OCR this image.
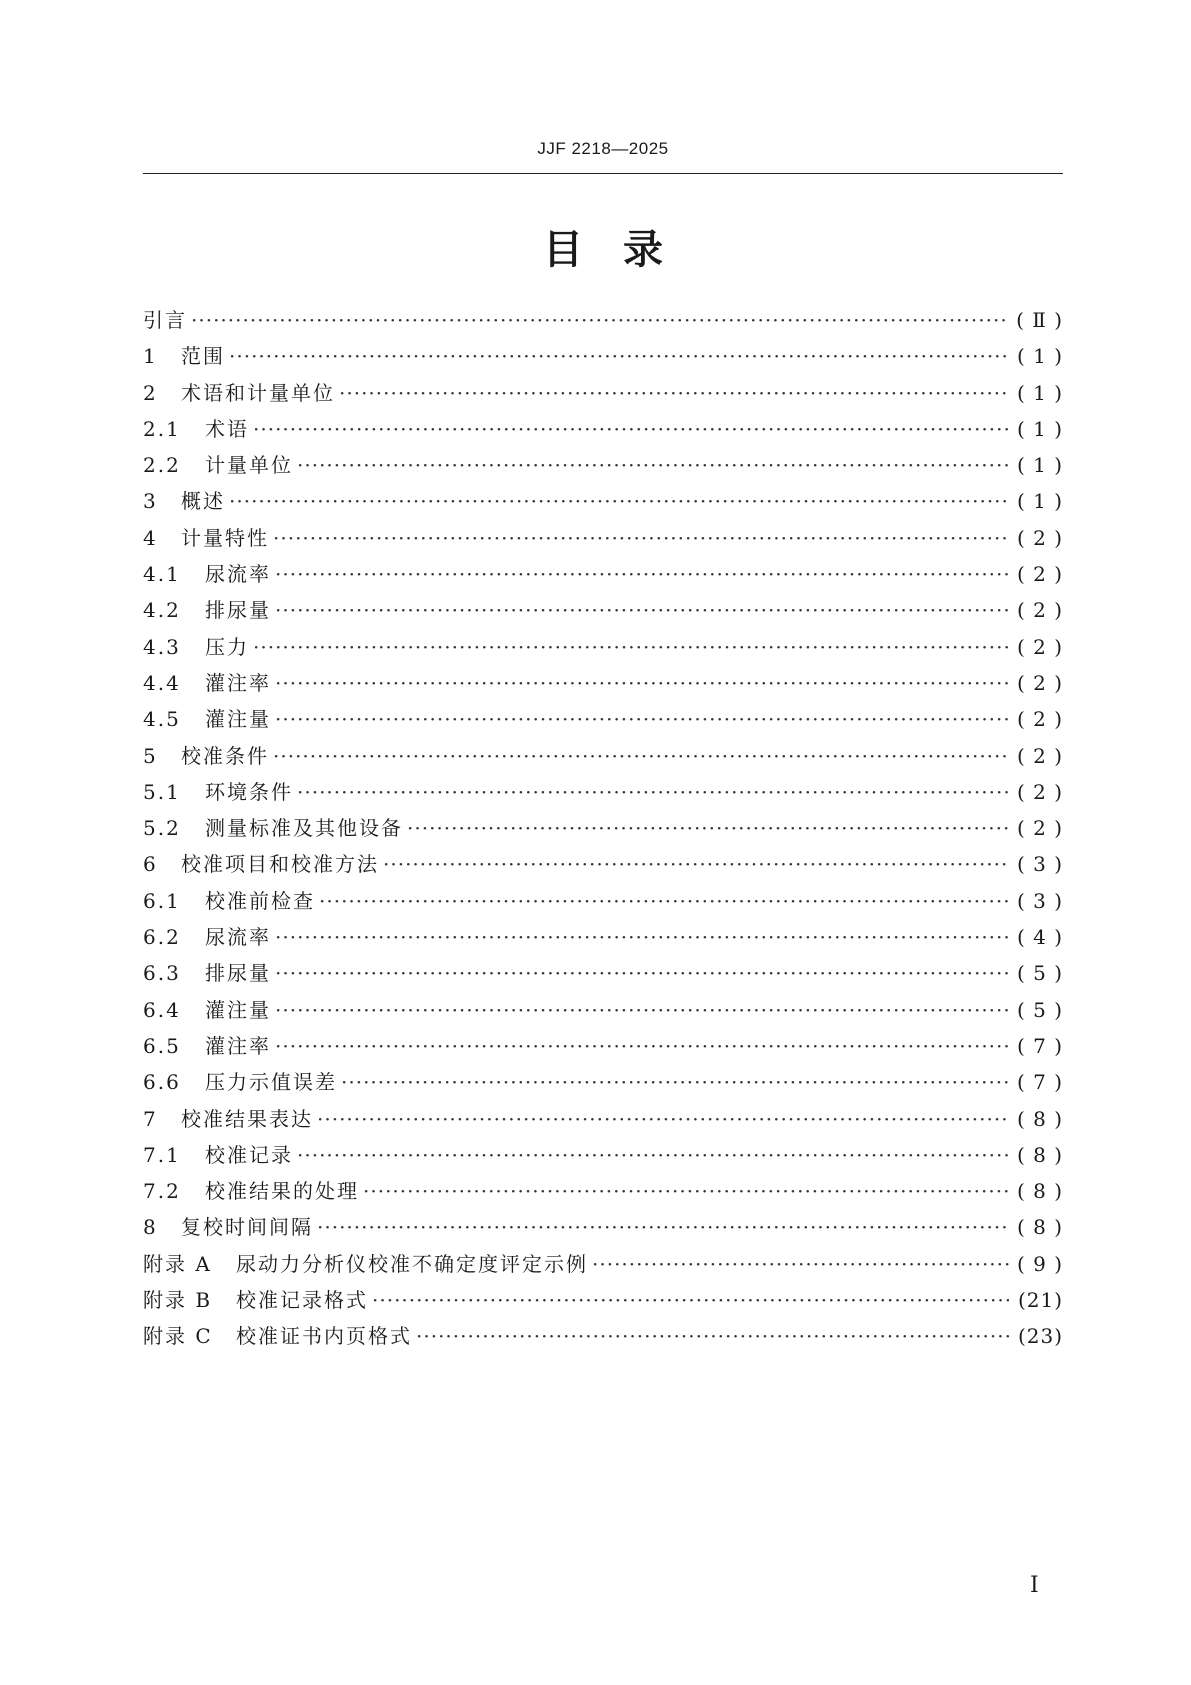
JJF 2218—2025
目　录
引言 ·····	( Ⅱ )
1	范围 ·····	( 1 )
2	术语和计量单位 ·····	( 1 )
2.1	术语 ·····	( 1 )
2.2	计量单位 ·····	( 1 )
3	概述 ·····	( 1 )
4	计量特性 ·····	( 2 )
4.1	尿流率 ·····	( 2 )
4.2	排尿量 ·····	( 2 )
4.3	压力 ·····	( 2 )
4.4	灌注率 ·····	( 2 )
4.5	灌注量 ·····	( 2 )
5	校准条件 ·····	( 2 )
5.1	环境条件 ·····	( 2 )
5.2	测量标准及其他设备 ·····	( 2 )
6	校准项目和校准方法 ·····	( 3 )
6.1	校准前检查 ·····	( 3 )
6.2	尿流率 ·····	( 4 )
6.3	排尿量 ·····	( 5 )
6.4	灌注量 ·····	( 5 )
6.5	灌注率 ·····	( 7 )
6.6	压力示值误差 ·····	( 7 )
7	校准结果表达 ·····	( 8 )
7.1	校准记录 ·····	( 8 )
7.2	校准结果的处理 ·····	( 8 )
8	复校时间间隔 ·····	( 8 )
附录 A	尿动力分析仪校准不确定度评定示例 ·····	( 9 )
附录 B	校准记录格式 ·····	(21)
附录 C	校准证书内页格式 ·····	(23)
Ⅰ
